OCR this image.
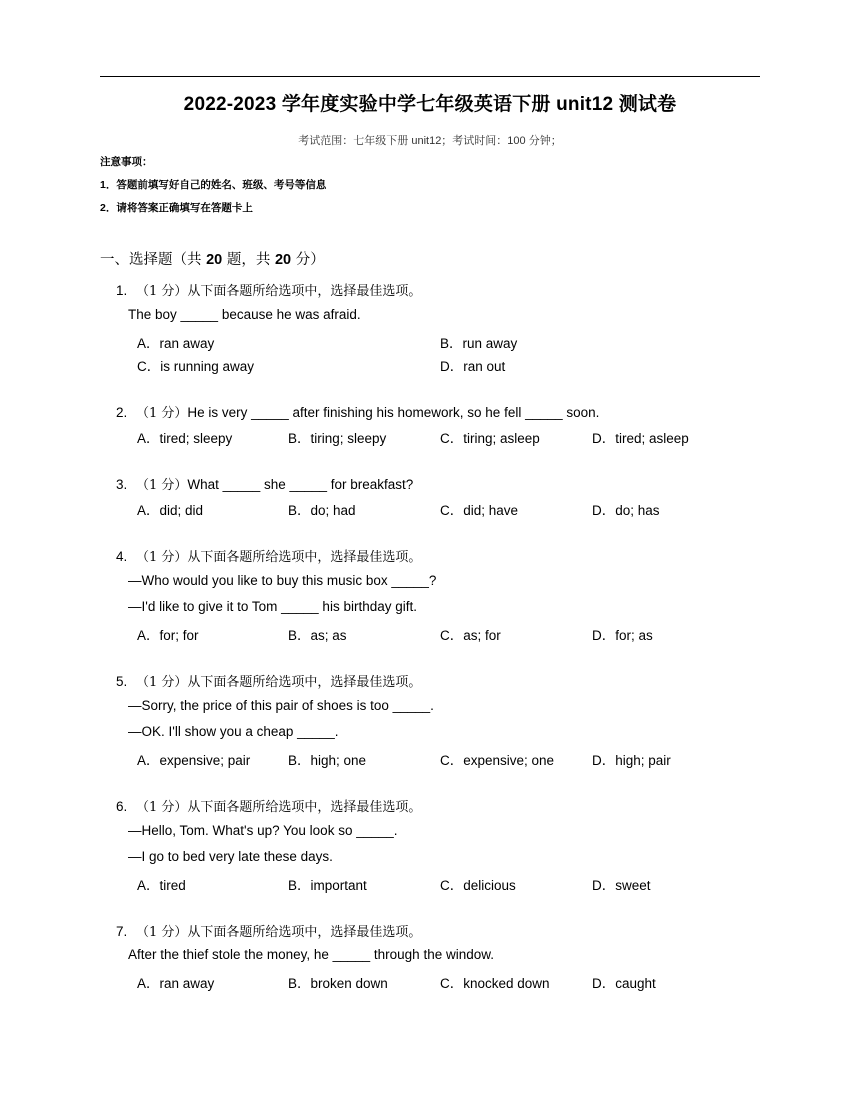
2022-2023 学年度实验中学七年级英语下册 unit12 测试卷
考试范围：七年级下册 unit12；考试时间：100 分钟；
注意事项：
1．答题前填写好自己的姓名、班级、考号等信息
2．请将答案正确填写在答题卡上
一、选择题（共 20 题，共 20 分）
1. （1 分）从下面各题所给选项中，选择最佳选项。
The boy _____ because he was afraid.
A．ran away	B．run away
C．is running away	D．ran out
2. （1 分）He is very _____ after finishing his homework, so he fell _____ soon.
A．tired; sleepy	B．tiring; sleepy	C．tiring; asleep	D．tired; asleep
3. （1 分）What _____ she _____ for breakfast?
A．did; did	B．do; had	C．did; have	D．do; has
4. （1 分）从下面各题所给选项中，选择最佳选项。
—Who would you like to buy this music box _____?
—I'd like to give it to Tom _____ his birthday gift.
A．for; for	B．as; as	C．as; for	D．for; as
5. （1 分）从下面各题所给选项中，选择最佳选项。
—Sorry, the price of this pair of shoes is too _____.
—OK. I'll show you a cheap _____.
A．expensive; pair	B．high; one	C．expensive; one	D．high; pair
6. （1 分）从下面各题所给选项中，选择最佳选项。
—Hello, Tom. What's up? You look so _____.
—I go to bed very late these days.
A．tired	B．important	C．delicious	D．sweet
7. （1 分）从下面各题所给选项中，选择最佳选项。
After the thief stole the money, he _____ through the window.
A．ran away	B．broken down	C．knocked down	D．caught
